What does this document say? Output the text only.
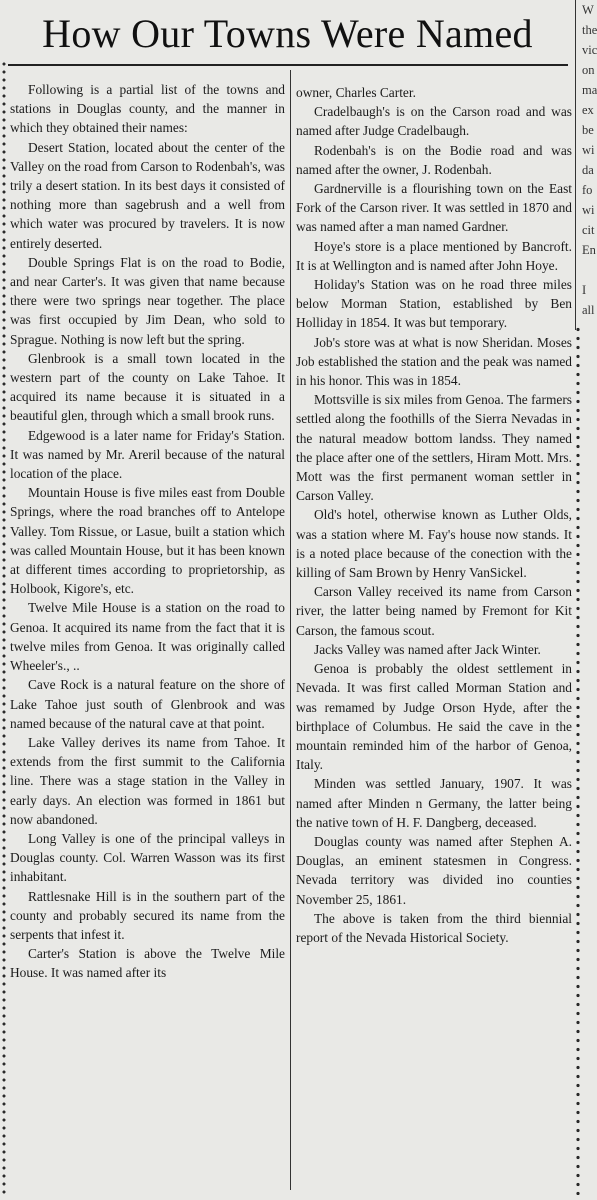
How Our Towns Were Named

Following is a partial list of the towns and stations in Douglas county, and the manner in which they obtained their names:

Desert Station, located about the center of the Valley on the road from Carson to Rodenbah's, was trily a desert station. In its best days it consisted of nothing more than sagebrush and a well from which water was procured by travelers. It is now entirely deserted.

Double Springs Flat is on the road to Bodie, and near Carter's. It was given that name because there were two springs near together. The place was first occupied by Jim Dean, who sold to Sprague. Nothing is now left but the spring.

Glenbrook is a small town located in the western part of the county on Lake Tahoe. It acquired its name because it is situated in a beautiful glen, through which a small brook runs.

Edgewood is a later name for Friday's Station. It was named by Mr. Areril because of the natural location of the place.

Mountain House is five miles east from Double Springs, where the road branches off to Antelope Valley. Tom Rissue, or Lasue, built a station which was called Mountain House, but it has been known at different times according to proprietorship, as Holbook, Kigore's, etc.

Twelve Mile House is a station on the road to Genoa. It acquired its name from the fact that it is twelve miles from Genoa. It was originally called Wheeler's., ..

Cave Rock is a natural feature on the shore of Lake Tahoe just south of Glenbrook and was named because of the natural cave at that point.

Lake Valley derives its name from Tahoe. It extends from the first summit to the California line. There was a stage station in the Valley in early days. An election was formed in 1861 but now abandoned.

Long Valley is one of the principal valleys in Douglas county. Col. Warren Wasson was its first inhabitant.

Rattlesnake Hill is in the southern part of the county and probably secured its name from the serpents that infest it.

Carter's Station is above the Twelve Mile House. It was named after its

owner, Charles Carter.

Cradelbaugh's is on the Carson road and was named after Judge Cradelbaugh.

Rodenbah's is on the Bodie road and was named after the owner, J. Rodenbah.

Gardnerville is a flourishing town on the East Fork of the Carson river. It was settled in 1870 and was named after a man named Gardner.

Hoye's store is a place mentioned by Bancroft. It is at Wellington and is named after John Hoye.

Holiday's Station was on he road three miles below Morman Station, established by Ben Holliday in 1854. It was but temporary.

Job's store was at what is now Sheridan. Moses Job established the station and the peak was named in his honor. This was in 1854.

Mottsville is six miles from Genoa. The farmers settled along the foothills of the Sierra Nevadas in the natural meadow bottom landss. They named the place after one of the settlers, Hiram Mott. Mrs. Mott was the first permanent woman settler in Carson Valley.

Old's hotel, otherwise known as Luther Olds, was a station where M. Fay's house now stands. It is a noted place because of the conection with the killing of Sam Brown by Henry VanSickel.

Carson Valley received its name from Carson river, the latter being named by Fremont for Kit Carson, the famous scout.

Jacks Valley was named after Jack Winter.

Genoa is probably the oldest settlement in Nevada. It was first called Morman Station and was remamed by Judge Orson Hyde, after the birthplace of Columbus. He said the cave in the mountain reminded him of the harbor of Genoa, Italy.

Minden was settled January, 1907. It was named after Minden n Germany, the latter being the native town of H. F. Dangberg, deceased.

Douglas county was named after Stephen A. Douglas, an eminent statesmen in Congress. Nevada territory was divided ino counties November 25, 1861.

The above is taken from the third biennial report of the Nevada Historical Society.

W
the
vic
on
ma
ex
be
wi
da
fo
wi
cit
En
I
all
